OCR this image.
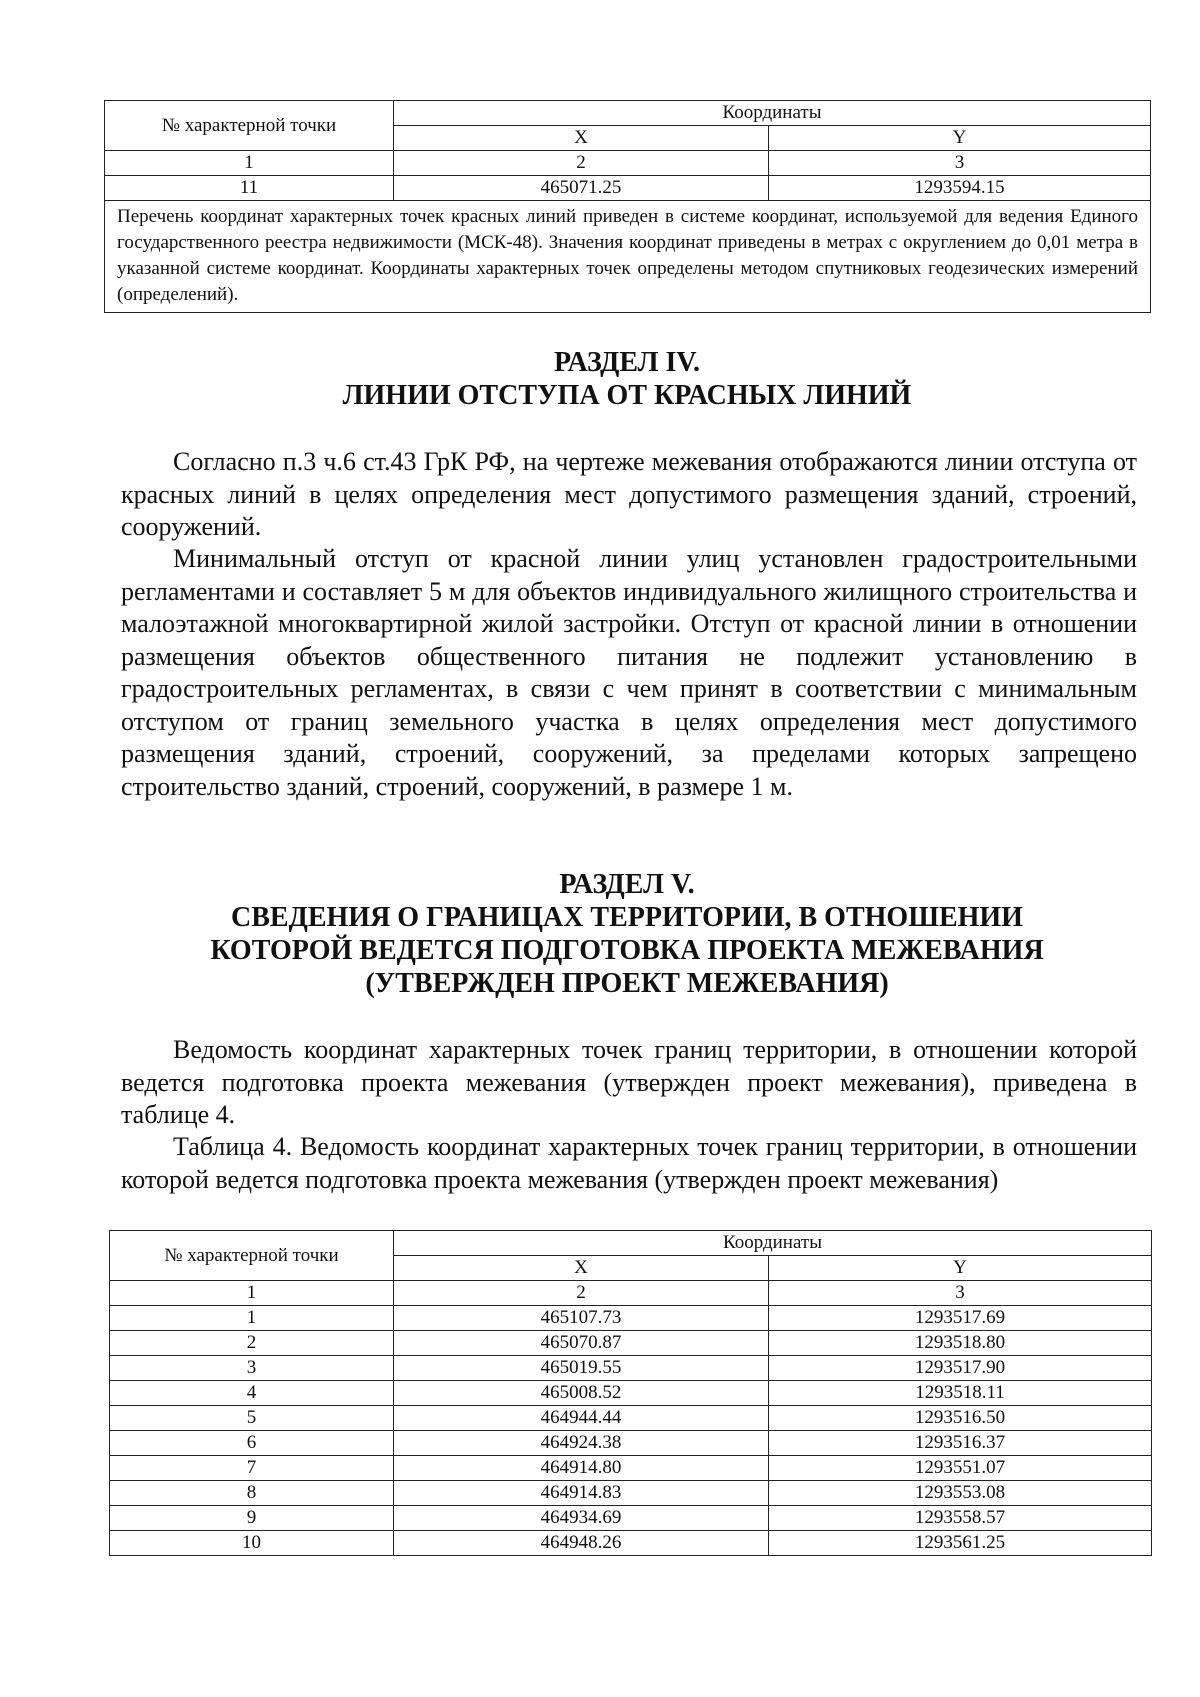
№ характерной точки	Координаты	
	X	Y
1	2	3
11	465071.25	1293594.15
Перечень координат характерных точек красных линий приведен в системе координат, используемой для ведения Единого государственного реестра недвижимости (МСК-48). Значения координат приведены в метрах с округлением до 0,01 метра в указанной системе координат. Координаты характерных точек определены методом спутниковых геодезических измерений (определений).		
РАЗДЕЛ IV.
ЛИНИИ ОТСТУПА ОТ КРАСНЫХ ЛИНИЙ

Согласно п.3 ч.6 ст.43 ГрК РФ, на чертеже межевания отображаются линии отступа от красных линий в целях определения мест допустимого размещения зданий, строений, сооружений.

Минимальный отступ от красной линии улиц установлен градостроительными регламентами и составляет 5 м для объектов индивидуального жилищного строительства и малоэтажной многоквартирной жилой застройки. Отступ от красной линии в отношении размещения объектов общественного питания не подлежит установлению в градостроительных регламентах, в связи с чем принят в соответствии с минимальным отступом от границ земельного участка в целях определения мест допустимого размещения зданий, строений, сооружений, за пределами которых запрещено строительство зданий, строений, сооружений, в размере 1 м.

РАЗДЕЛ V.
СВЕДЕНИЯ О ГРАНИЦАХ ТЕРРИТОРИИ, В ОТНОШЕНИИ
КОТОРОЙ ВЕДЕТСЯ ПОДГОТОВКА ПРОЕКТА МЕЖЕВАНИЯ
(УТВЕРЖДЕН ПРОЕКТ МЕЖЕВАНИЯ)

Ведомость координат характерных точек границ территории, в отношении которой ведется подготовка проекта межевания (утвержден проект межевания), приведена в таблице 4.

Таблица 4. Ведомость координат характерных точек границ территории, в отношении которой ведется подготовка проекта межевания (утвержден проект межевания)

№ характерной точки	Координаты	
	X	Y
1	2	3
1	465107.73	1293517.69
2	465070.87	1293518.80
3	465019.55	1293517.90
4	465008.52	1293518.11
5	464944.44	1293516.50
6	464924.38	1293516.37
7	464914.80	1293551.07
8	464914.83	1293553.08
9	464934.69	1293558.57
10	464948.26	1293561.25
